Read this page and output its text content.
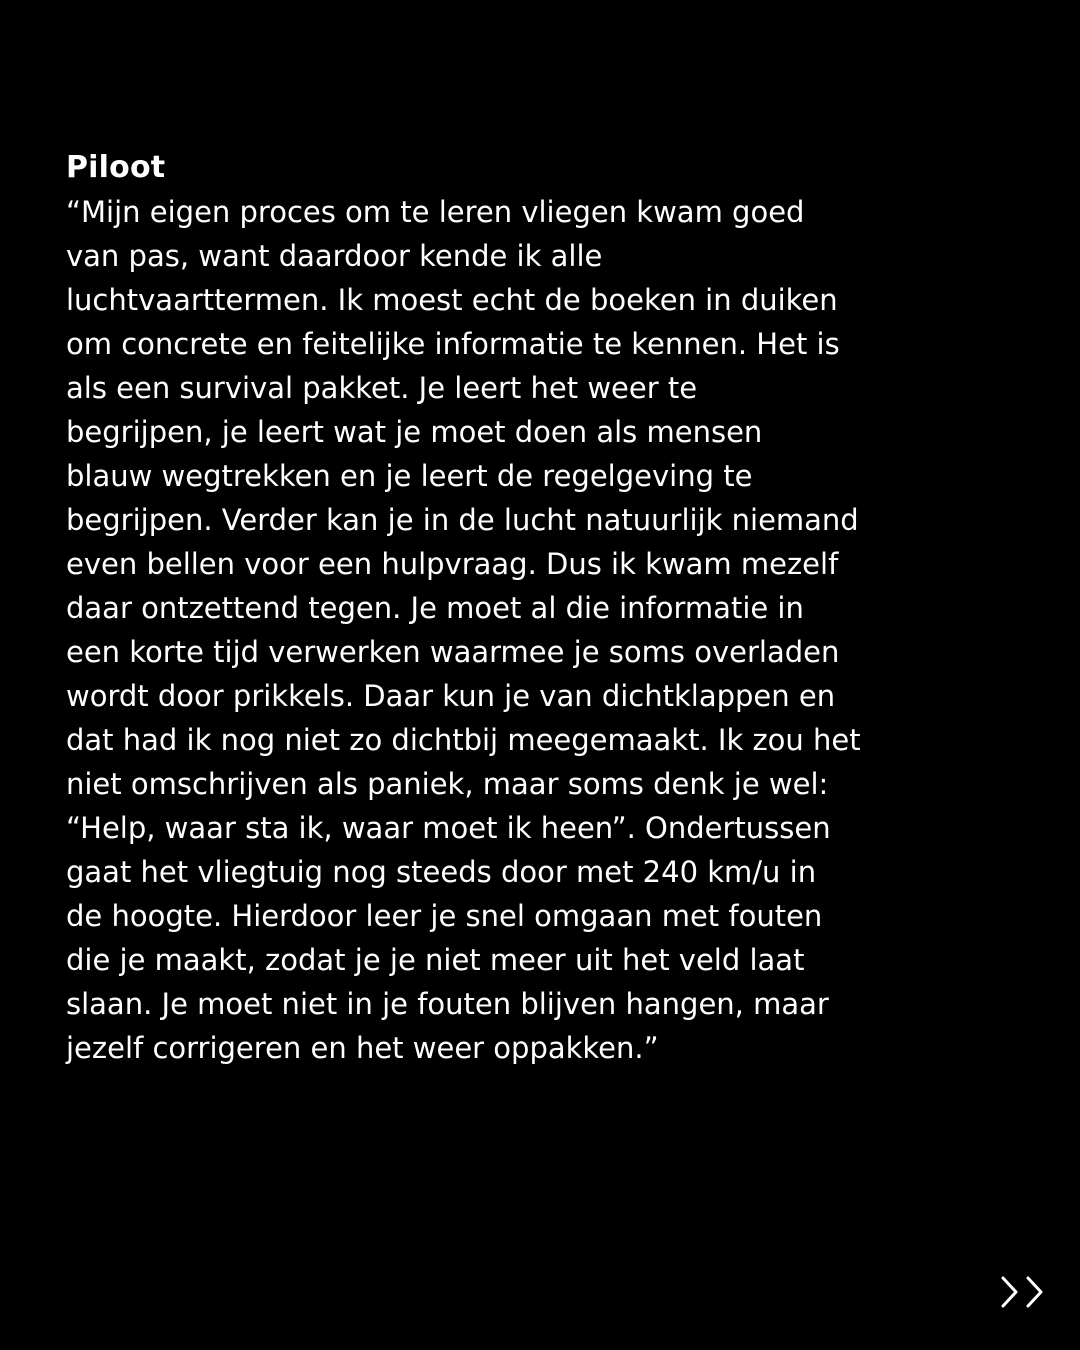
Piloot

“Mijn eigen proces om te leren vliegen kwam goed
van pas, want daardoor kende ik alle
luchtvaarttermen. Ik moest echt de boeken in duiken
om concrete en feitelijke informatie te kennen. Het is
als een survival pakket. Je leert het weer te
begrijpen, je leert wat je moet doen als mensen
blauw wegtrekken en je leert de regelgeving te
begrijpen. Verder kan je in de lucht natuurlijk niemand
even bellen voor een hulpvraag. Dus ik kwam mezelf
daar ontzettend tegen. Je moet al die informatie in
een korte tijd verwerken waarmee je soms overladen
wordt door prikkels. Daar kun je van dichtklappen en
dat had ik nog niet zo dichtbij meegemaakt. Ik zou het
niet omschrijven als paniek, maar soms denk je wel:
“Help, waar sta ik, waar moet ik heen”. Ondertussen
gaat het vliegtuig nog steeds door met 240 km/u in
de hoogte. Hierdoor leer je snel omgaan met fouten
die je maakt, zodat je je niet meer uit het veld laat
slaan. Je moet niet in je fouten blijven hangen, maar
jezelf corrigeren en het weer oppakken.”
